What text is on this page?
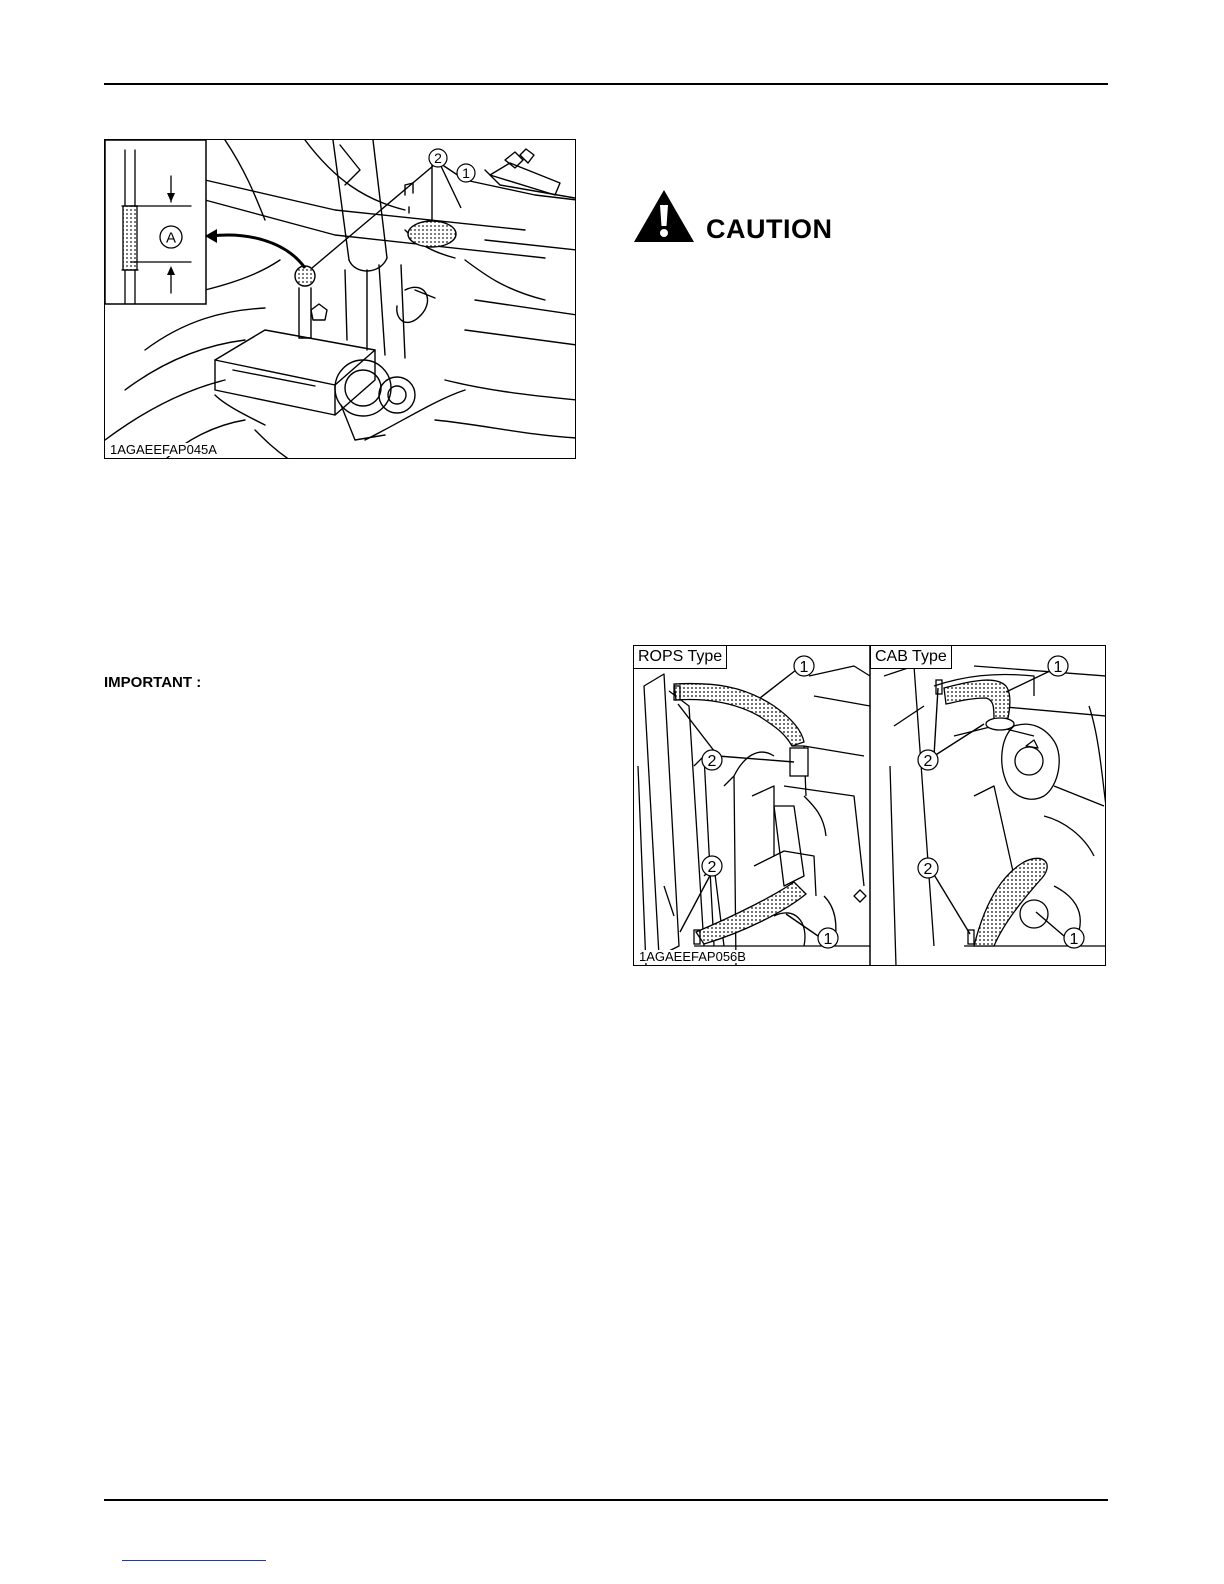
A
2
1
1AGAEEFAP045A
CAUTION
IMPORTANT :
1
2
2
1
1
2
2
1
ROPS Type	CAB Type
1AGAEEFAP056B
